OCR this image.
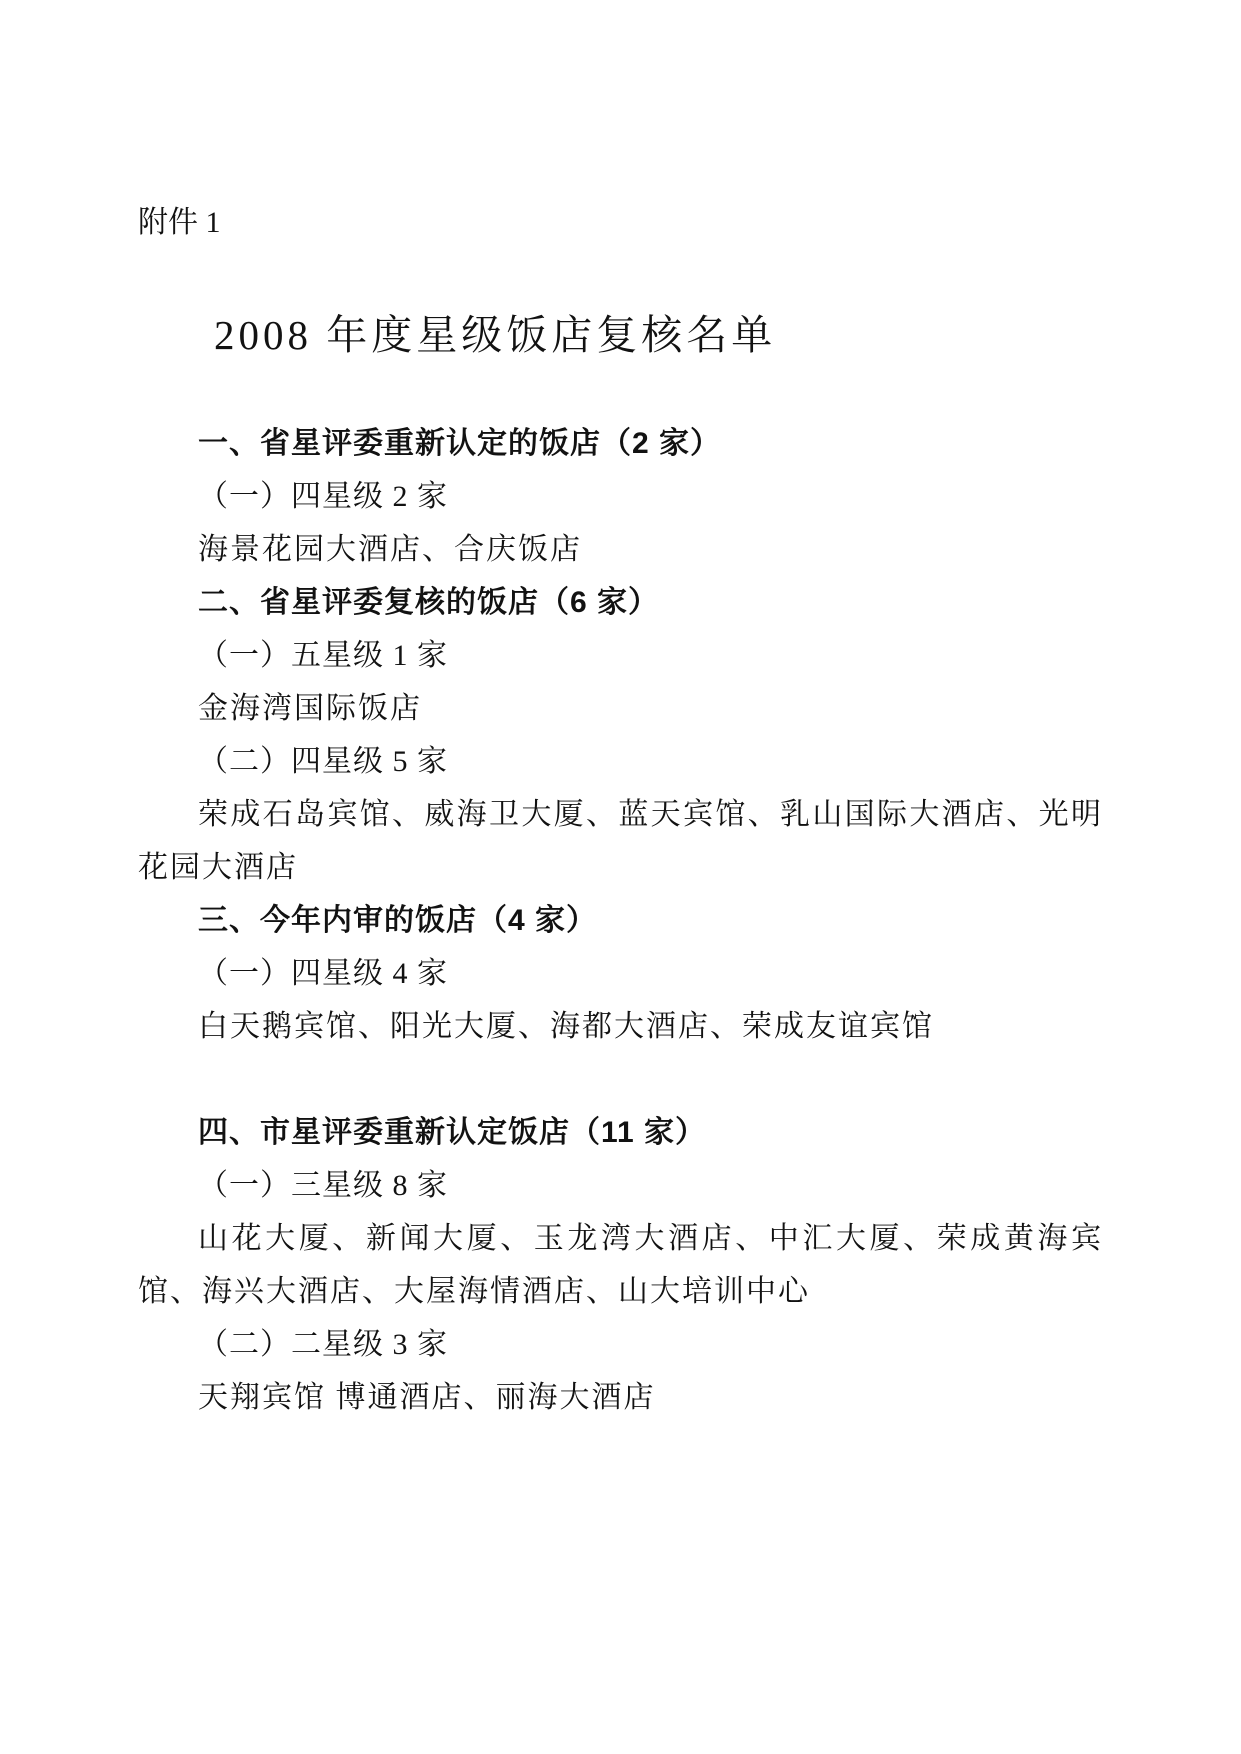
附件 1

2008 年度星级饭店复核名单
一、省星评委重新认定的饭店（2 家）

（一）四星级 2 家

海景花园大酒店、合庆饭店

二、省星评委复核的饭店（6 家）

（一）五星级 1 家

金海湾国际饭店

（二）四星级 5 家

荣成石岛宾馆、威海卫大厦、蓝天宾馆、乳山国际大酒店、光明花园大酒店

三、今年内审的饭店（4 家）

（一）四星级 4 家

白天鹅宾馆、阳光大厦、海都大酒店、荣成友谊宾馆

四、市星评委重新认定饭店（11 家）

（一）三星级 8 家

山花大厦、新闻大厦、玉龙湾大酒店、中汇大厦、荣成黄海宾馆、海兴大酒店、大屋海情酒店、山大培训中心

（二）二星级 3 家

天翔宾馆 博通酒店、丽海大酒店
